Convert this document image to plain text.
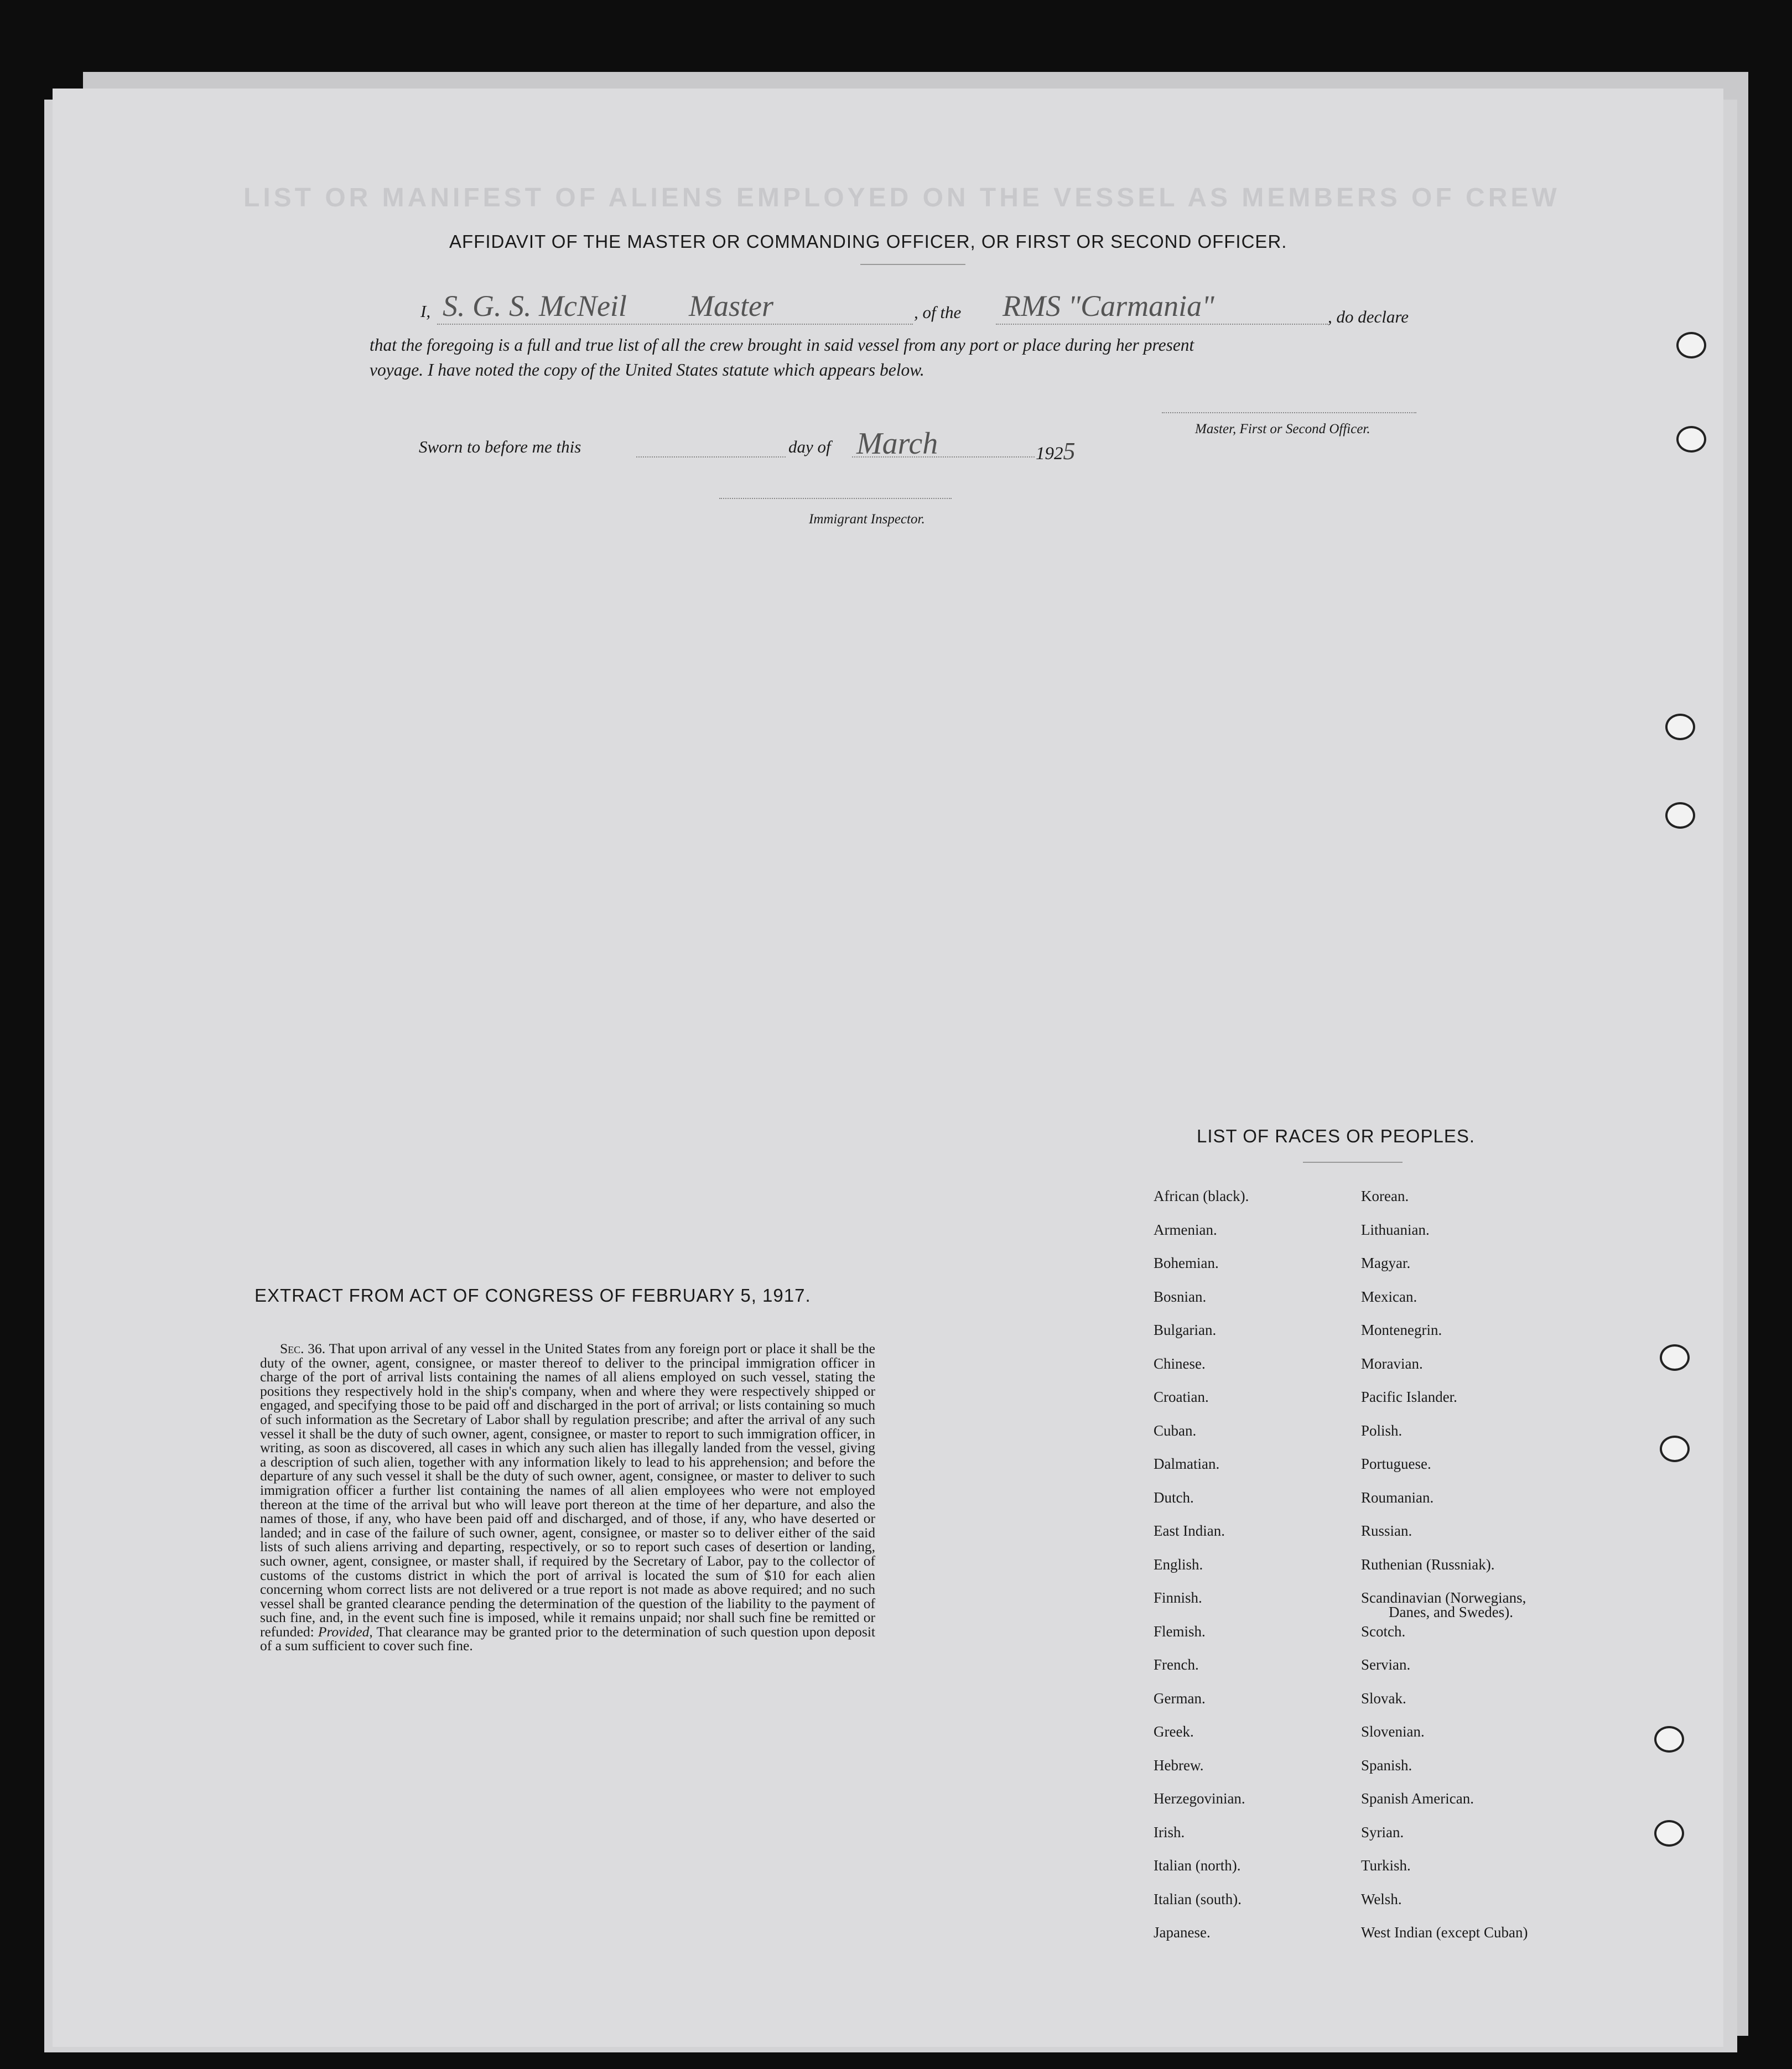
LIST OR MANIFEST OF ALIENS EMPLOYED ON THE VESSEL AS MEMBERS OF CREW
AFFIDAVIT OF THE MASTER OR COMMANDING OFFICER, OR FIRST OR SECOND OFFICER.
I, S. G. S. McNeil Master	, of the RMS "Carmania"	, do declare
that the foregoing is a full and true list of all the crew brought in said vessel from any port or place during her present
voyage. I have noted the copy of the United States statute which appears below.
Master, First or Second Officer.
Sworn to before me this	day of March	1925
Immigrant Inspector.
EXTRACT FROM ACT OF CONGRESS OF FEBRUARY 5, 1917.
Sec. 36. That upon arrival of any vessel in the United States from any foreign port or place it shall be the duty of the owner, agent, consignee, or master thereof to deliver to the principal immigration officer in charge of the port of arrival lists containing the names of all aliens employed on such vessel, stating the positions they respectively hold in the ship's company, when and where they were respectively shipped or engaged, and specifying those to be paid off and discharged in the port of arrival; or lists containing so much of such information as the Secretary of Labor shall by regulation prescribe; and after the arrival of any such vessel it shall be the duty of such owner, agent, consignee, or master to report to such immigration officer, in writing, as soon as discovered, all cases in which any such alien has illegally landed from the vessel, giving a description of such alien, together with any information likely to lead to his apprehension; and before the departure of any such vessel it shall be the duty of such owner, agent, consignee, or master to deliver to such immigration officer a further list containing the names of all alien employees who were not employed thereon at the time of the arrival but who will leave port thereon at the time of her departure, and also the names of those, if any, who have been paid off and discharged, and of those, if any, who have deserted or landed; and in case of the failure of such owner, agent, consignee, or master so to deliver either of the said lists of such aliens arriving and departing, respectively, or so to report such cases of desertion or landing, such owner, agent, consignee, or master shall, if required by the Secretary of Labor, pay to the collector of customs of the customs district in which the port of arrival is located the sum of $10 for each alien concerning whom correct lists are not delivered or a true report is not made as above required; and no such vessel shall be granted clearance pending the determination of the question of the liability to the payment of such fine, and, in the event such fine is imposed, while it remains unpaid; nor shall such fine be remitted or refunded: Provided, That clearance may be granted prior to the determination of such question upon deposit of a sum sufficient to cover such fine.
LIST OF RACES OR PEOPLES.
African (black).
Armenian.
Bohemian.
Bosnian.
Bulgarian.
Chinese.
Croatian.
Cuban.
Dalmatian.
Dutch.
East Indian.
English.
Finnish.
Flemish.
French.
German.
Greek.
Hebrew.
Herzegovinian.
Irish.
Italian (north).
Italian (south).
Japanese.
Korean.
Lithuanian.
Magyar.
Mexican.
Montenegrin.
Moravian.
Pacific Islander.
Polish.
Portuguese.
Roumanian.
Russian.
Ruthenian (Russniak).
Scandinavian (Norwegians,
Scotch.
Servian.
Slovak.
Slovenian.
Spanish.
Spanish American.
Syrian.
Turkish.
Welsh.
West Indian (except Cuban)
Danes, and Swedes).
